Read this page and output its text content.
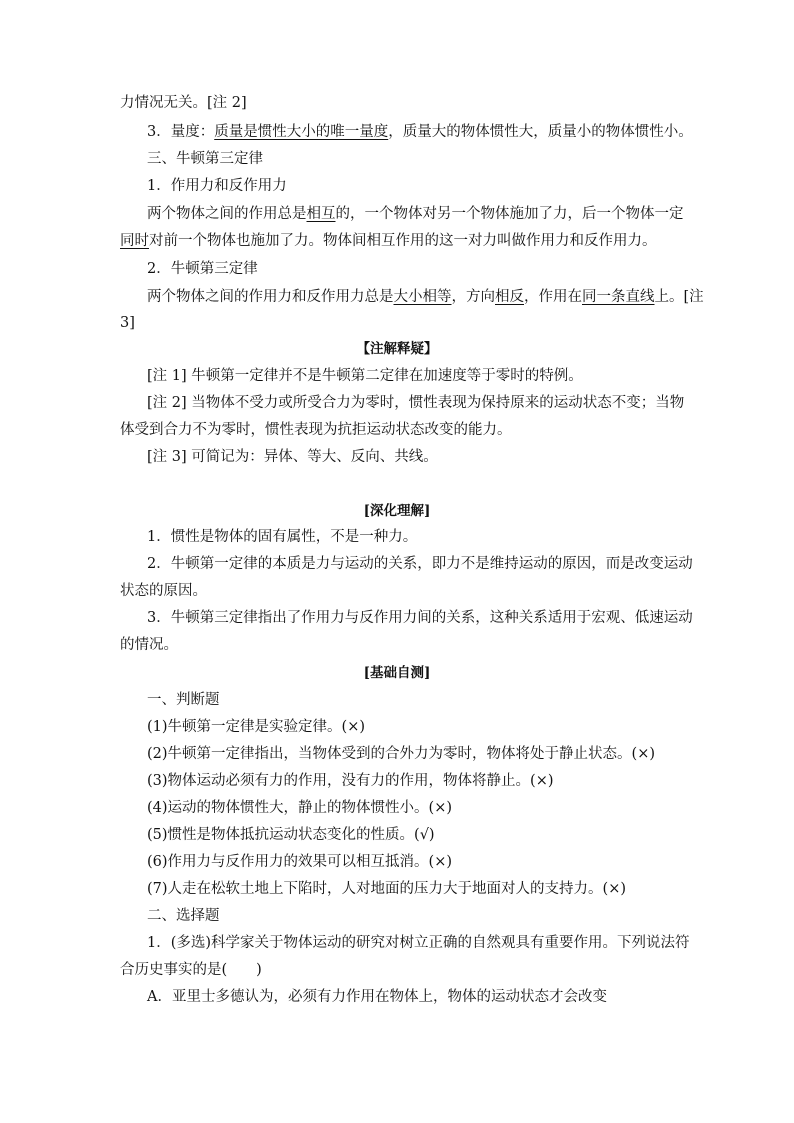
力情况无关。[注 2]
3．量度：质量是惯性大小的唯一量度，质量大的物体惯性大，质量小的物体惯性小。
三、牛顿第三定律
1．作用力和反作用力
两个物体之间的作用总是相互的，一个物体对另一个物体施加了力，后一个物体一定
同时对前一个物体也施加了力。物体间相互作用的这一对力叫做作用力和反作用力。
2．牛顿第三定律
两个物体之间的作用力和反作用力总是大小相等，方向相反，作用在同一条直线上。[注
3]
【注解释疑】
[注 1] 牛顿第一定律并不是牛顿第二定律在加速度等于零时的特例。
[注 2] 当物体不受力或所受合力为零时，惯性表现为保持原来的运动状态不变；当物
体受到合力不为零时，惯性表现为抗拒运动状态改变的能力。
[注 3] 可简记为：异体、等大、反向、共线。
[深化理解]
1．惯性是物体的固有属性，不是一种力。
2．牛顿第一定律的本质是力与运动的关系，即力不是维持运动的原因，而是改变运动
状态的原因。
3．牛顿第三定律指出了作用力与反作用力间的关系，这种关系适用于宏观、低速运动
的情况。
[基础自测]
一、判断题
(1)牛顿第一定律是实验定律。(×)
(2)牛顿第一定律指出，当物体受到的合外力为零时，物体将处于静止状态。(×)
(3)物体运动必须有力的作用，没有力的作用，物体将静止。(×)
(4)运动的物体惯性大，静止的物体惯性小。(×)
(5)惯性是物体抵抗运动状态变化的性质。(√)
(6)作用力与反作用力的效果可以相互抵消。(×)
(7)人走在松软土地上下陷时，人对地面的压力大于地面对人的支持力。(×)
二、选择题
1．(多选)科学家关于物体运动的研究对树立正确的自然观具有重要作用。下列说法符
合历史事实的是(　　)
A．亚里士多德认为，必须有力作用在物体上，物体的运动状态才会改变
